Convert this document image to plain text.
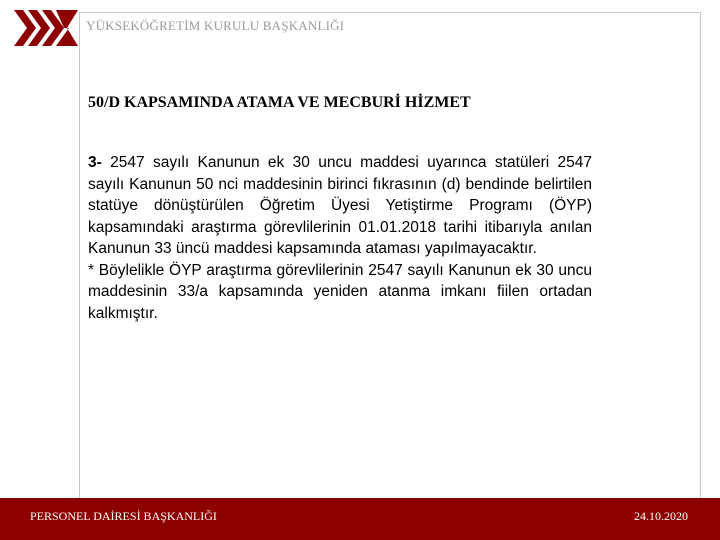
YÜKSEKÖĞRETİM KURULU BAŞKANLIĞI
50/D KAPSAMINDA ATAMA VE MECBURİ HİZMET

3- 2547 sayılı Kanunun ek 30 uncu maddesi uyarınca statüleri 2547 sayılı Kanunun 50 nci maddesinin birinci fıkrasının (d) bendinde belirtilen statüye dönüştürülen Öğretim Üyesi Yetiştirme Programı (ÖYP) kapsamındaki araştırma görevlilerinin 01.01.2018 tarihi itibarıyla anılan Kanunun 33 üncü maddesi kapsamında ataması yapılmayacaktır.

* Böylelikle ÖYP araştırma görevlilerinin 2547 sayılı Kanunun ek 30 uncu maddesinin 33/a kapsamında yeniden atanma imkanı fiilen ortadan kalkmıştır.

PERSONEL DAİRESİ BAŞKANLIĞI	24.10.2020
